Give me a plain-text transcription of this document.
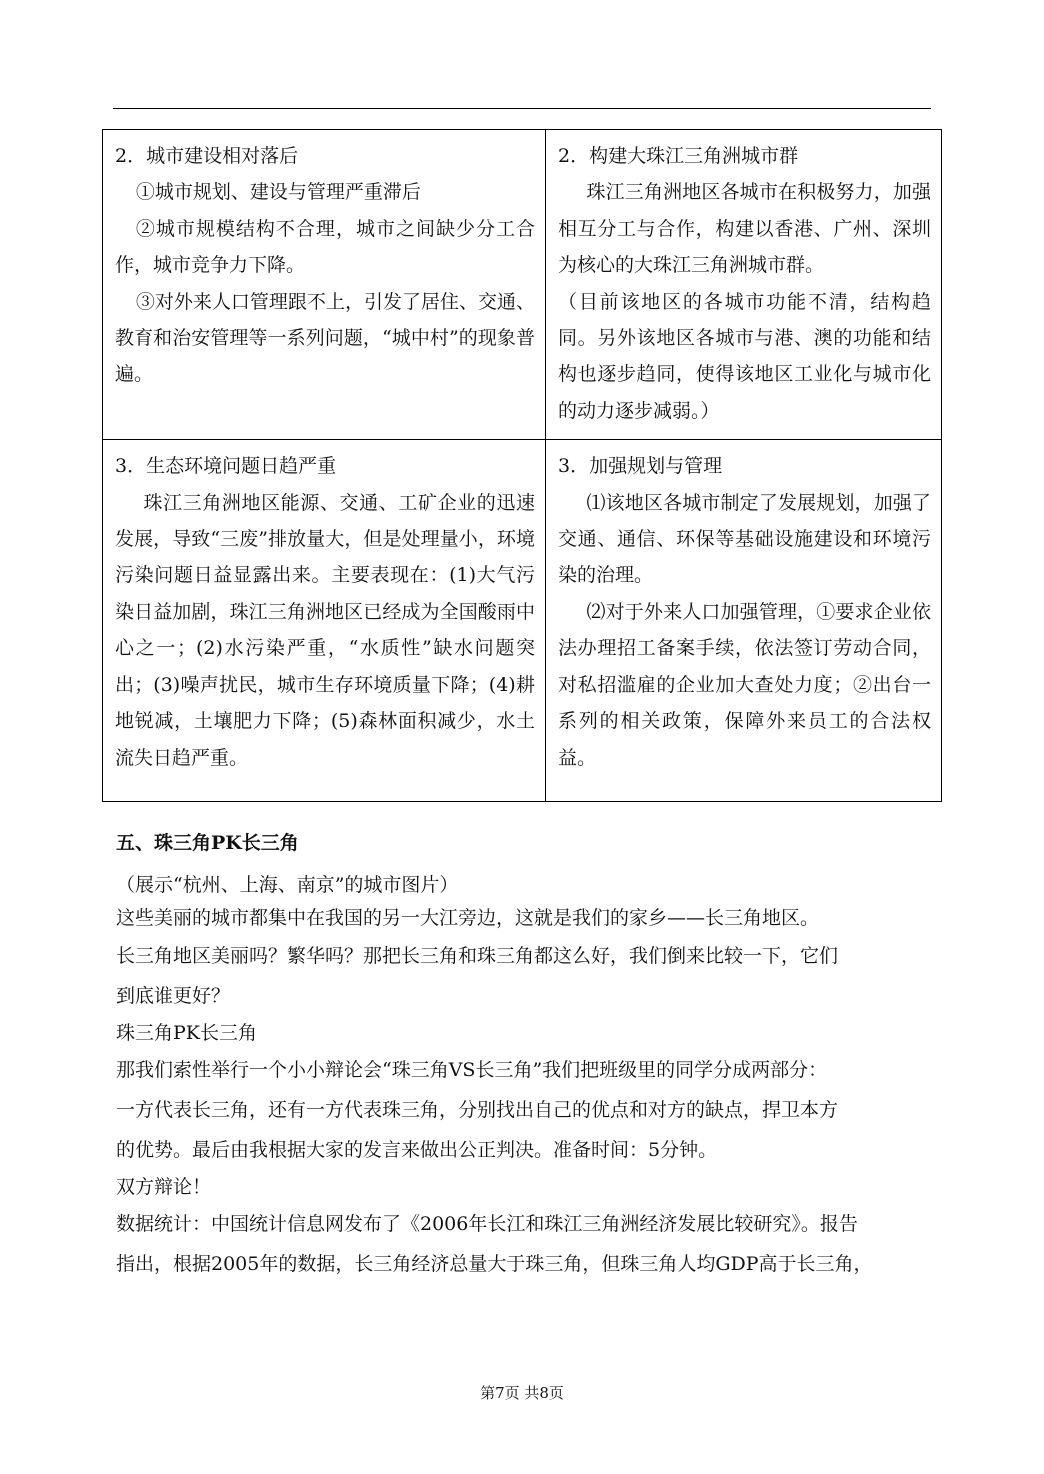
2．城市建设相对落后
①城市规划、建设与管理严重滞后
②城市规模结构不合理，城市之间缺少分工合作，城市竞争力下降。
③对外来人口管理跟不上，引发了居住、交通、教育和治安管理等一系列问题，“城中村”的现象普遍。	2．构建大珠江三角洲城市群
珠江三角洲地区各城市在积极努力，加强相互分工与合作，构建以香港、广州、深圳为核心的大珠江三角洲城市群。
（目前该地区的各城市功能不清，结构趋同。另外该地区各城市与港、澳的功能和结构也逐步趋同，使得该地区工业化与城市化的动力逐步减弱。）

3．生态环境问题日趋严重
珠江三角洲地区能源、交通、工矿企业的迅速发展，导致“三废”排放量大，但是处理量小，环境污染问题日益显露出来。主要表现在：(1)大气污染日益加剧，珠江三角洲地区已经成为全国酸雨中心之一；(2)水污染严重，“水质性”缺水问题突出；(3)噪声扰民，城市生存环境质量下降；(4)耕地锐减，土壤肥力下降；(5)森林面积减少，水土流失日趋严重。	3．加强规划与管理
⑴该地区各城市制定了发展规划，加强了交通、通信、环保等基础设施建设和环境污染的治理。
⑵对于外来人口加强管理，①要求企业依法办理招工备案手续，依法签订劳动合同，对私招滥雇的企业加大查处力度；②出台一系列的相关政策，保障外来员工的合法权益。
五、珠三角PK长三角
（展示“杭州、上海、南京”的城市图片）
这些美丽的城市都集中在我国的另一大江旁边，这就是我们的家乡——长三角地区。
长三角地区美丽吗？繁华吗？那把长三角和珠三角都这么好，我们倒来比较一下，它们
到底谁更好？
珠三角PK长三角
那我们索性举行一个小小辩论会“珠三角VS长三角”我们把班级里的同学分成两部分：
一方代表长三角，还有一方代表珠三角，分别找出自己的优点和对方的缺点，捍卫本方
的优势。最后由我根据大家的发言来做出公正判决。准备时间：5分钟。
双方辩论！
数据统计：中国统计信息网发布了《2006年长江和珠江三角洲经济发展比较研究》。报告
指出，根据2005年的数据，长三角经济总量大于珠三角，但珠三角人均GDP高于长三角，
第7页 共8页
